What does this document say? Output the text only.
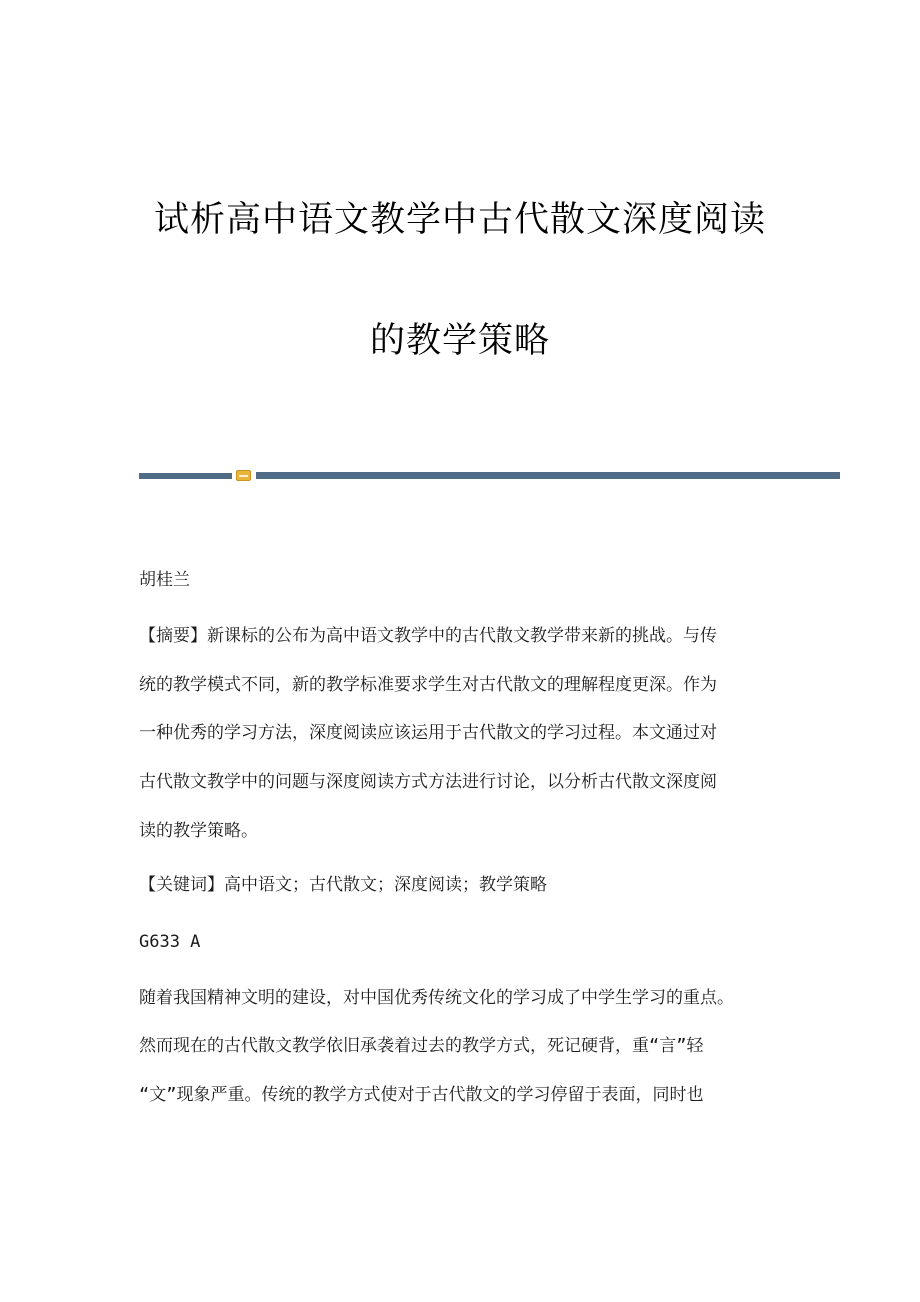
试析高中语文教学中古代散文深度阅读
的教学策略
胡桂兰
【摘要】新课标的公布为高中语文教学中的古代散文教学带来新的挑战。与传
统的教学模式不同，新的教学标准要求学生对古代散文的理解程度更深。作为
一种优秀的学习方法，深度阅读应该运用于古代散文的学习过程。本文通过对
古代散文教学中的问题与深度阅读方式方法进行讨论，以分析古代散文深度阅
读的教学策略。
【关键词】高中语文；古代散文；深度阅读；教学策略
G633 A
随着我国精神文明的建设，对中国优秀传统文化的学习成了中学生学习的重点。
然而现在的古代散文教学依旧承袭着过去的教学方式，死记硬背，重“言”轻
“文”现象严重。传统的教学方式使对于古代散文的学习停留于表面，同时也
